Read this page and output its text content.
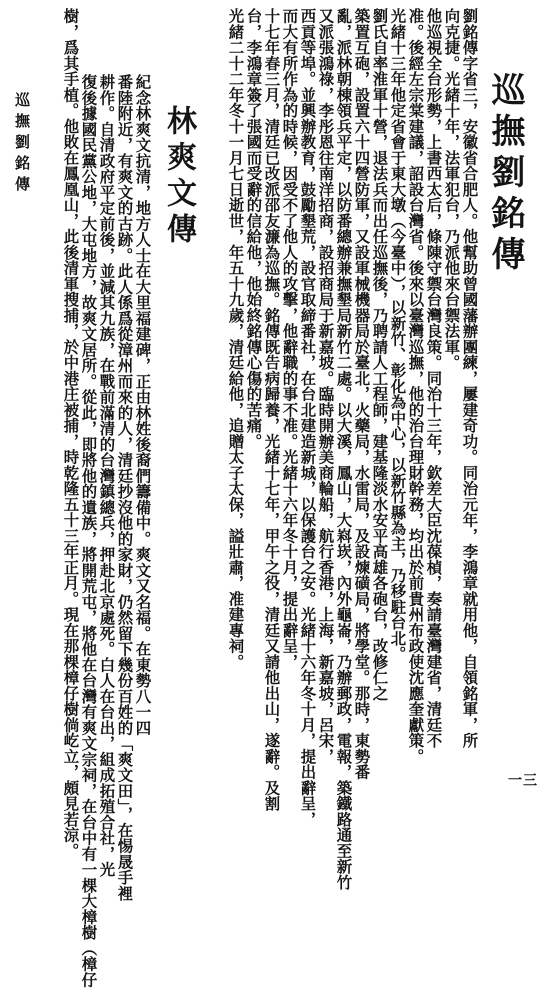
巡撫劉銘傳
一三
巡撫劉銘傳
劉銘傳字省三，安徽省合肥人。他幫助曾國藩辦團練，屢建奇功。同治元年，李鴻章就用他，自領銘軍，所
向克捷。光緒十年，法軍犯台，乃派他來台禦法軍。
他巡視全台形勢，上書西太后，條陳守禦台灣良策。同治十三年，欽差大臣沈葆楨，奏請臺灣建省，清廷不
准。後經左宗棠建議，詔設台灣省。後來以臺灣巡撫，他的治台理財幹務，均出於前貴州布政使沈應奎獻策。
光緒十三年他定省會于東大墩（今臺中），以新竹、彰化為中心，以新竹縣為主，乃移駐台北。
劉氏自率淮軍十營，退法兵而出任巡撫後，乃聘請人工程師，建基隆淡水安平高雄各砲台，改修仁之
築置互砲，設置六十四營防軍，又設軍械機器局於臺北，火藥局，水雷局，及設煉磺局，將學堂。那時，東勢番
亂，派林朝棟領兵平定，以防番總辦兼撫墾局新竹二處。以大溪，鳳山，大嵙崁，內外龜崙，乃辦郵政，電報，築鐵路通至新竹
又派張鴻祿，李彤恩往南洋招商，設招商局于新嘉坡。臨時開辦美商輪船，航行香港，上海，新嘉坡，呂宋，
西貢等埠。並興辦教育，鼓勵墾荒，設官取締番社，在台北建造新城，以保護台之安。光緒十六年冬十月，提出辭呈，
而大有所作為的時候，因受不了他人的攻擊，他辭職的事不准。光緒十六年冬十月，提出辭呈，
十七年春三月，清廷已改派邵友濂為巡撫。銘傳既告病歸養，光緒十七年，甲午之役，清廷又請他出山，遂辭。及割
台，李鴻章簽了張國而受辭的信給他，他始終銘傳心傷的苦痛。
光緒二十二年冬十一月七日逝世，年五十九歲，清廷給他，追贈太子太保，謚壯肅，准建專祠。
林爽文傳
紀念林爽文抗清，地方人士在大里福建碑，正由林姓後裔們籌備中。爽文又名福。在東勢八一四
番陸附近，有爽文的古跡。此人係爲從漳州而來的人，清廷抄沒他的家財，仍然留下幾份百姓的「爽文田」，在惕晟手裡
耕作。自清政府平定前後，並減其九族，在戰前滿清的台灣鎮總兵，押赴北京處死。白人在台出，組成拓殖合社，光
復後據國民黨公地，大屯地方，故爽文居所。從此，即將他的遺族，將開荒屯，將他在台灣有爽文宗祠，在台中有一棵大樟樹（樟仔
樹，爲其手植。他敗在鳳凰山，此後清軍搜捕，於中港庄被捕，時乾隆五十三年正月。現在那棵樟仔樹倘屹立，頗見若涼。
